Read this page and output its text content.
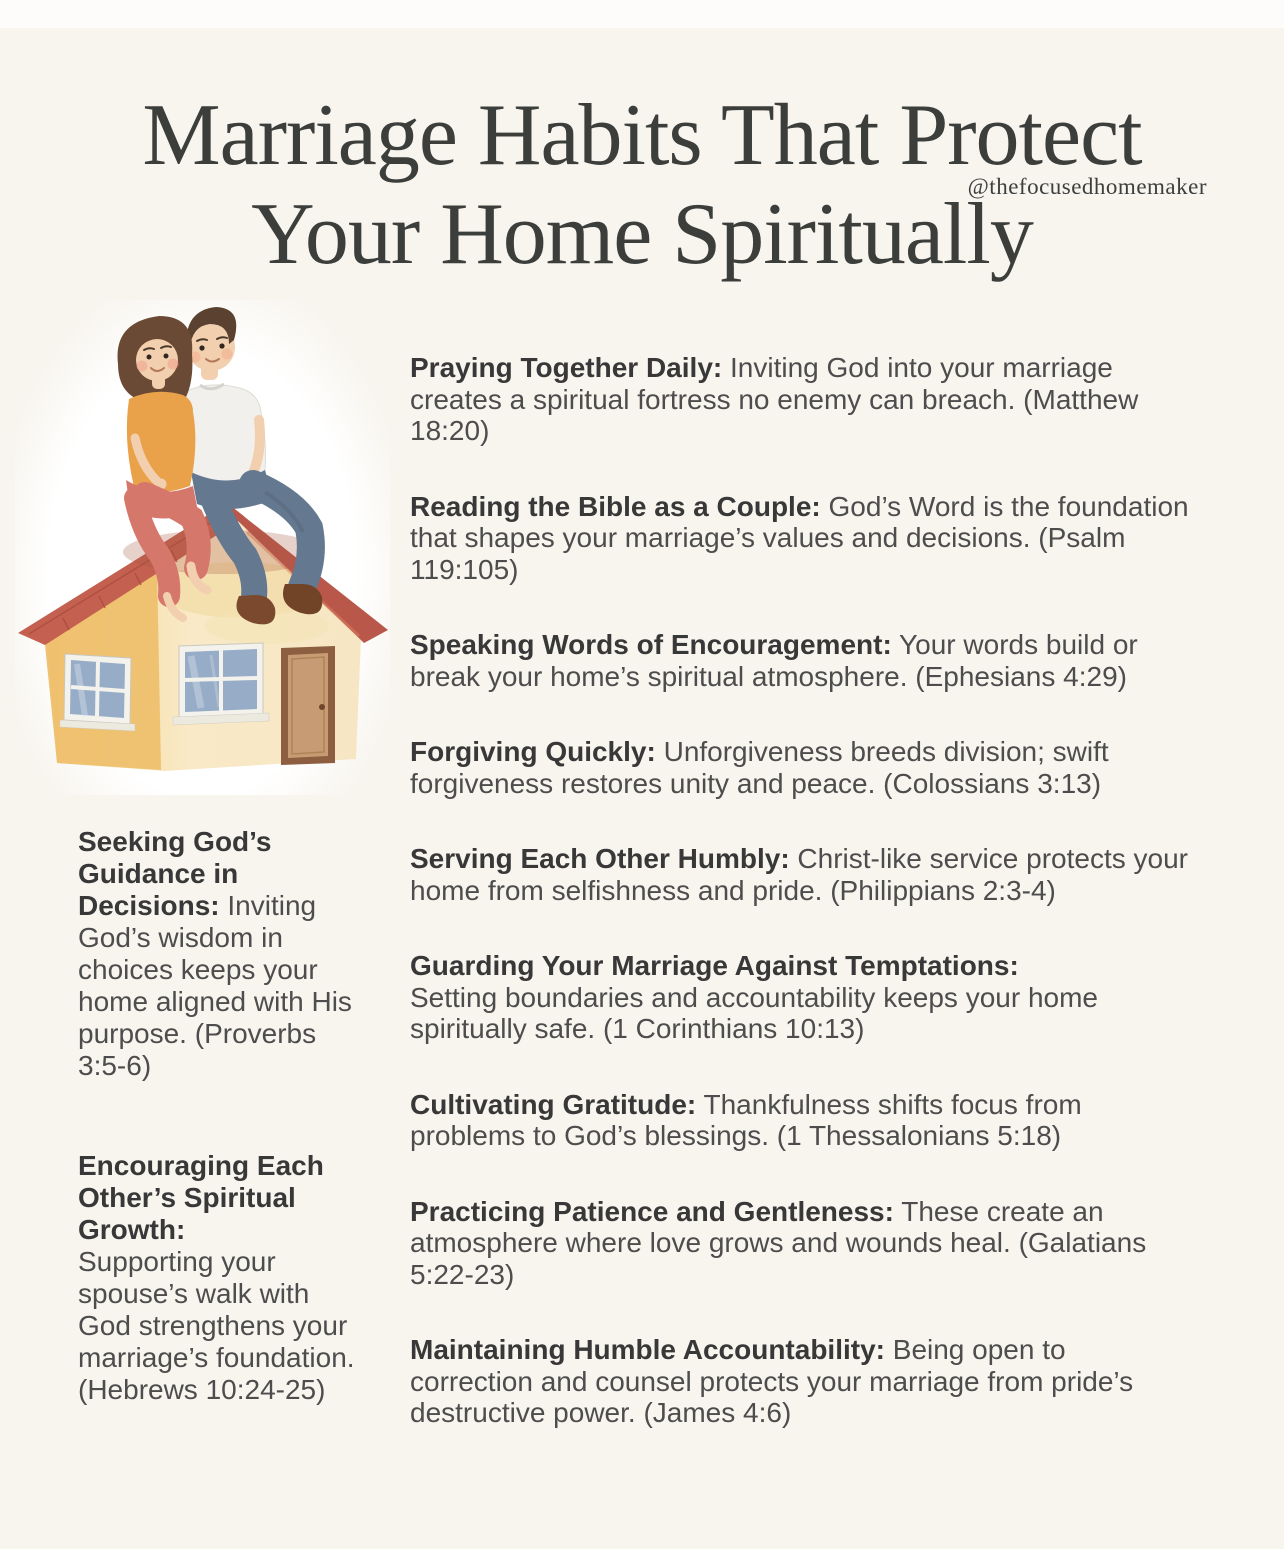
Marriage Habits That Protect
Your Home Spiritually
@thefocusedhomemaker
Seeking God’s Guidance in Decisions: Inviting God’s wisdom in choices keeps your home aligned with His purpose. (Proverbs 3:5-6)
Encouraging Each Other’s Spiritual Growth:
Supporting your spouse’s walk with God strengthens your marriage’s foundation. (Hebrews 10:24-25)
Praying Together Daily: Inviting God into your marriage creates a spiritual fortress no enemy can breach. (Matthew 18:20)
Reading the Bible as a Couple: God’s Word is the foundation that shapes your marriage’s values and decisions. (Psalm 119:105)
Speaking Words of Encouragement: Your words build or break your home’s spiritual atmosphere. (Ephesians 4:29)
Forgiving Quickly: Unforgiveness breeds division; swift forgiveness restores unity and peace. (Colossians 3:13)
Serving Each Other Humbly: Christ-like service protects your home from selfishness and pride. (Philippians 2:3-4)
Guarding Your Marriage Against Temptations:
Setting boundaries and accountability keeps your home spiritually safe. (1 Corinthians 10:13)
Cultivating Gratitude: Thankfulness shifts focus from problems to God’s blessings. (1 Thessalonians 5:18)
Practicing Patience and Gentleness: These create an atmosphere where love grows and wounds heal. (Galatians 5:22-23)
Maintaining Humble Accountability: Being open to correction and counsel protects your marriage from pride’s destructive power. (James 4:6)
